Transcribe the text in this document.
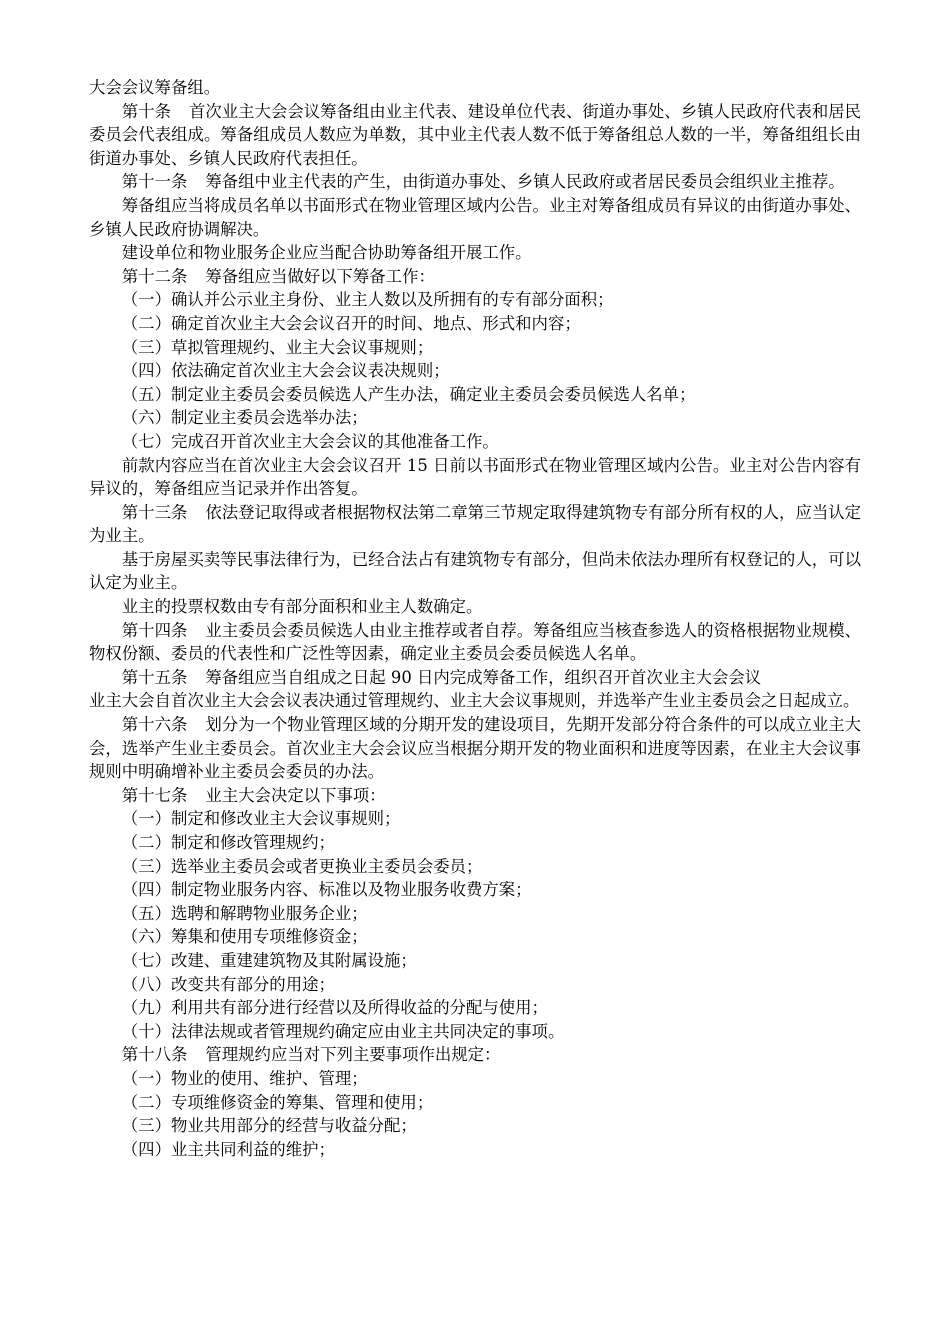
大会会议筹备组。

第十条 首次业主大会会议筹备组由业主代表、建设单位代表、街道办事处、乡镇人民政府代表和居民委员会代表组成。筹备组成员人数应为单数，其中业主代表人数不低于筹备组总人数的一半，筹备组组长由街道办事处、乡镇人民政府代表担任。

第十一条 筹备组中业主代表的产生，由街道办事处、乡镇人民政府或者居民委员会组织业主推荐。

筹备组应当将成员名单以书面形式在物业管理区域内公告。业主对筹备组成员有异议的由街道办事处、乡镇人民政府协调解决。

建设单位和物业服务企业应当配合协助筹备组开展工作。

第十二条 筹备组应当做好以下筹备工作：

（一）确认并公示业主身份、业主人数以及所拥有的专有部分面积；

（二）确定首次业主大会会议召开的时间、地点、形式和内容；

（三）草拟管理规约、业主大会议事规则；

（四）依法确定首次业主大会会议表决规则；

（五）制定业主委员会委员候选人产生办法，确定业主委员会委员候选人名单；

（六）制定业主委员会选举办法；

（七）完成召开首次业主大会会议的其他准备工作。

前款内容应当在首次业主大会会议召开 15 日前以书面形式在物业管理区域内公告。业主对公告内容有异议的，筹备组应当记录并作出答复。

第十三条 依法登记取得或者根据物权法第二章第三节规定取得建筑物专有部分所有权的人，应当认定为业主。

基于房屋买卖等民事法律行为，已经合法占有建筑物专有部分，但尚未依法办理所有权登记的人，可以认定为业主。

业主的投票权数由专有部分面积和业主人数确定。

第十四条 业主委员会委员候选人由业主推荐或者自荐。筹备组应当核查参选人的资格根据物业规模、物权份额、委员的代表性和广泛性等因素，确定业主委员会委员候选人名单。

第十五条 筹备组应当自组成之日起 90 日内完成筹备工作，组织召开首次业主大会会议

业主大会自首次业主大会会议表决通过管理规约、业主大会议事规则，并选举产生业主委员会之日起成立。

第十六条 划分为一个物业管理区域的分期开发的建设项目，先期开发部分符合条件的可以成立业主大会，选举产生业主委员会。首次业主大会会议应当根据分期开发的物业面积和进度等因素，在业主大会议事规则中明确增补业主委员会委员的办法。

第十七条 业主大会决定以下事项：

（一）制定和修改业主大会议事规则；

（二）制定和修改管理规约；

（三）选举业主委员会或者更换业主委员会委员；

（四）制定物业服务内容、标准以及物业服务收费方案；

（五）选聘和解聘物业服务企业；

（六）筹集和使用专项维修资金；

（七）改建、重建建筑物及其附属设施；

（八）改变共有部分的用途；

（九）利用共有部分进行经营以及所得收益的分配与使用；

（十）法律法规或者管理规约确定应由业主共同决定的事项。

第十八条 管理规约应当对下列主要事项作出规定：

（一）物业的使用、维护、管理；

（二）专项维修资金的筹集、管理和使用；

（三）物业共用部分的经营与收益分配；

（四）业主共同利益的维护；
